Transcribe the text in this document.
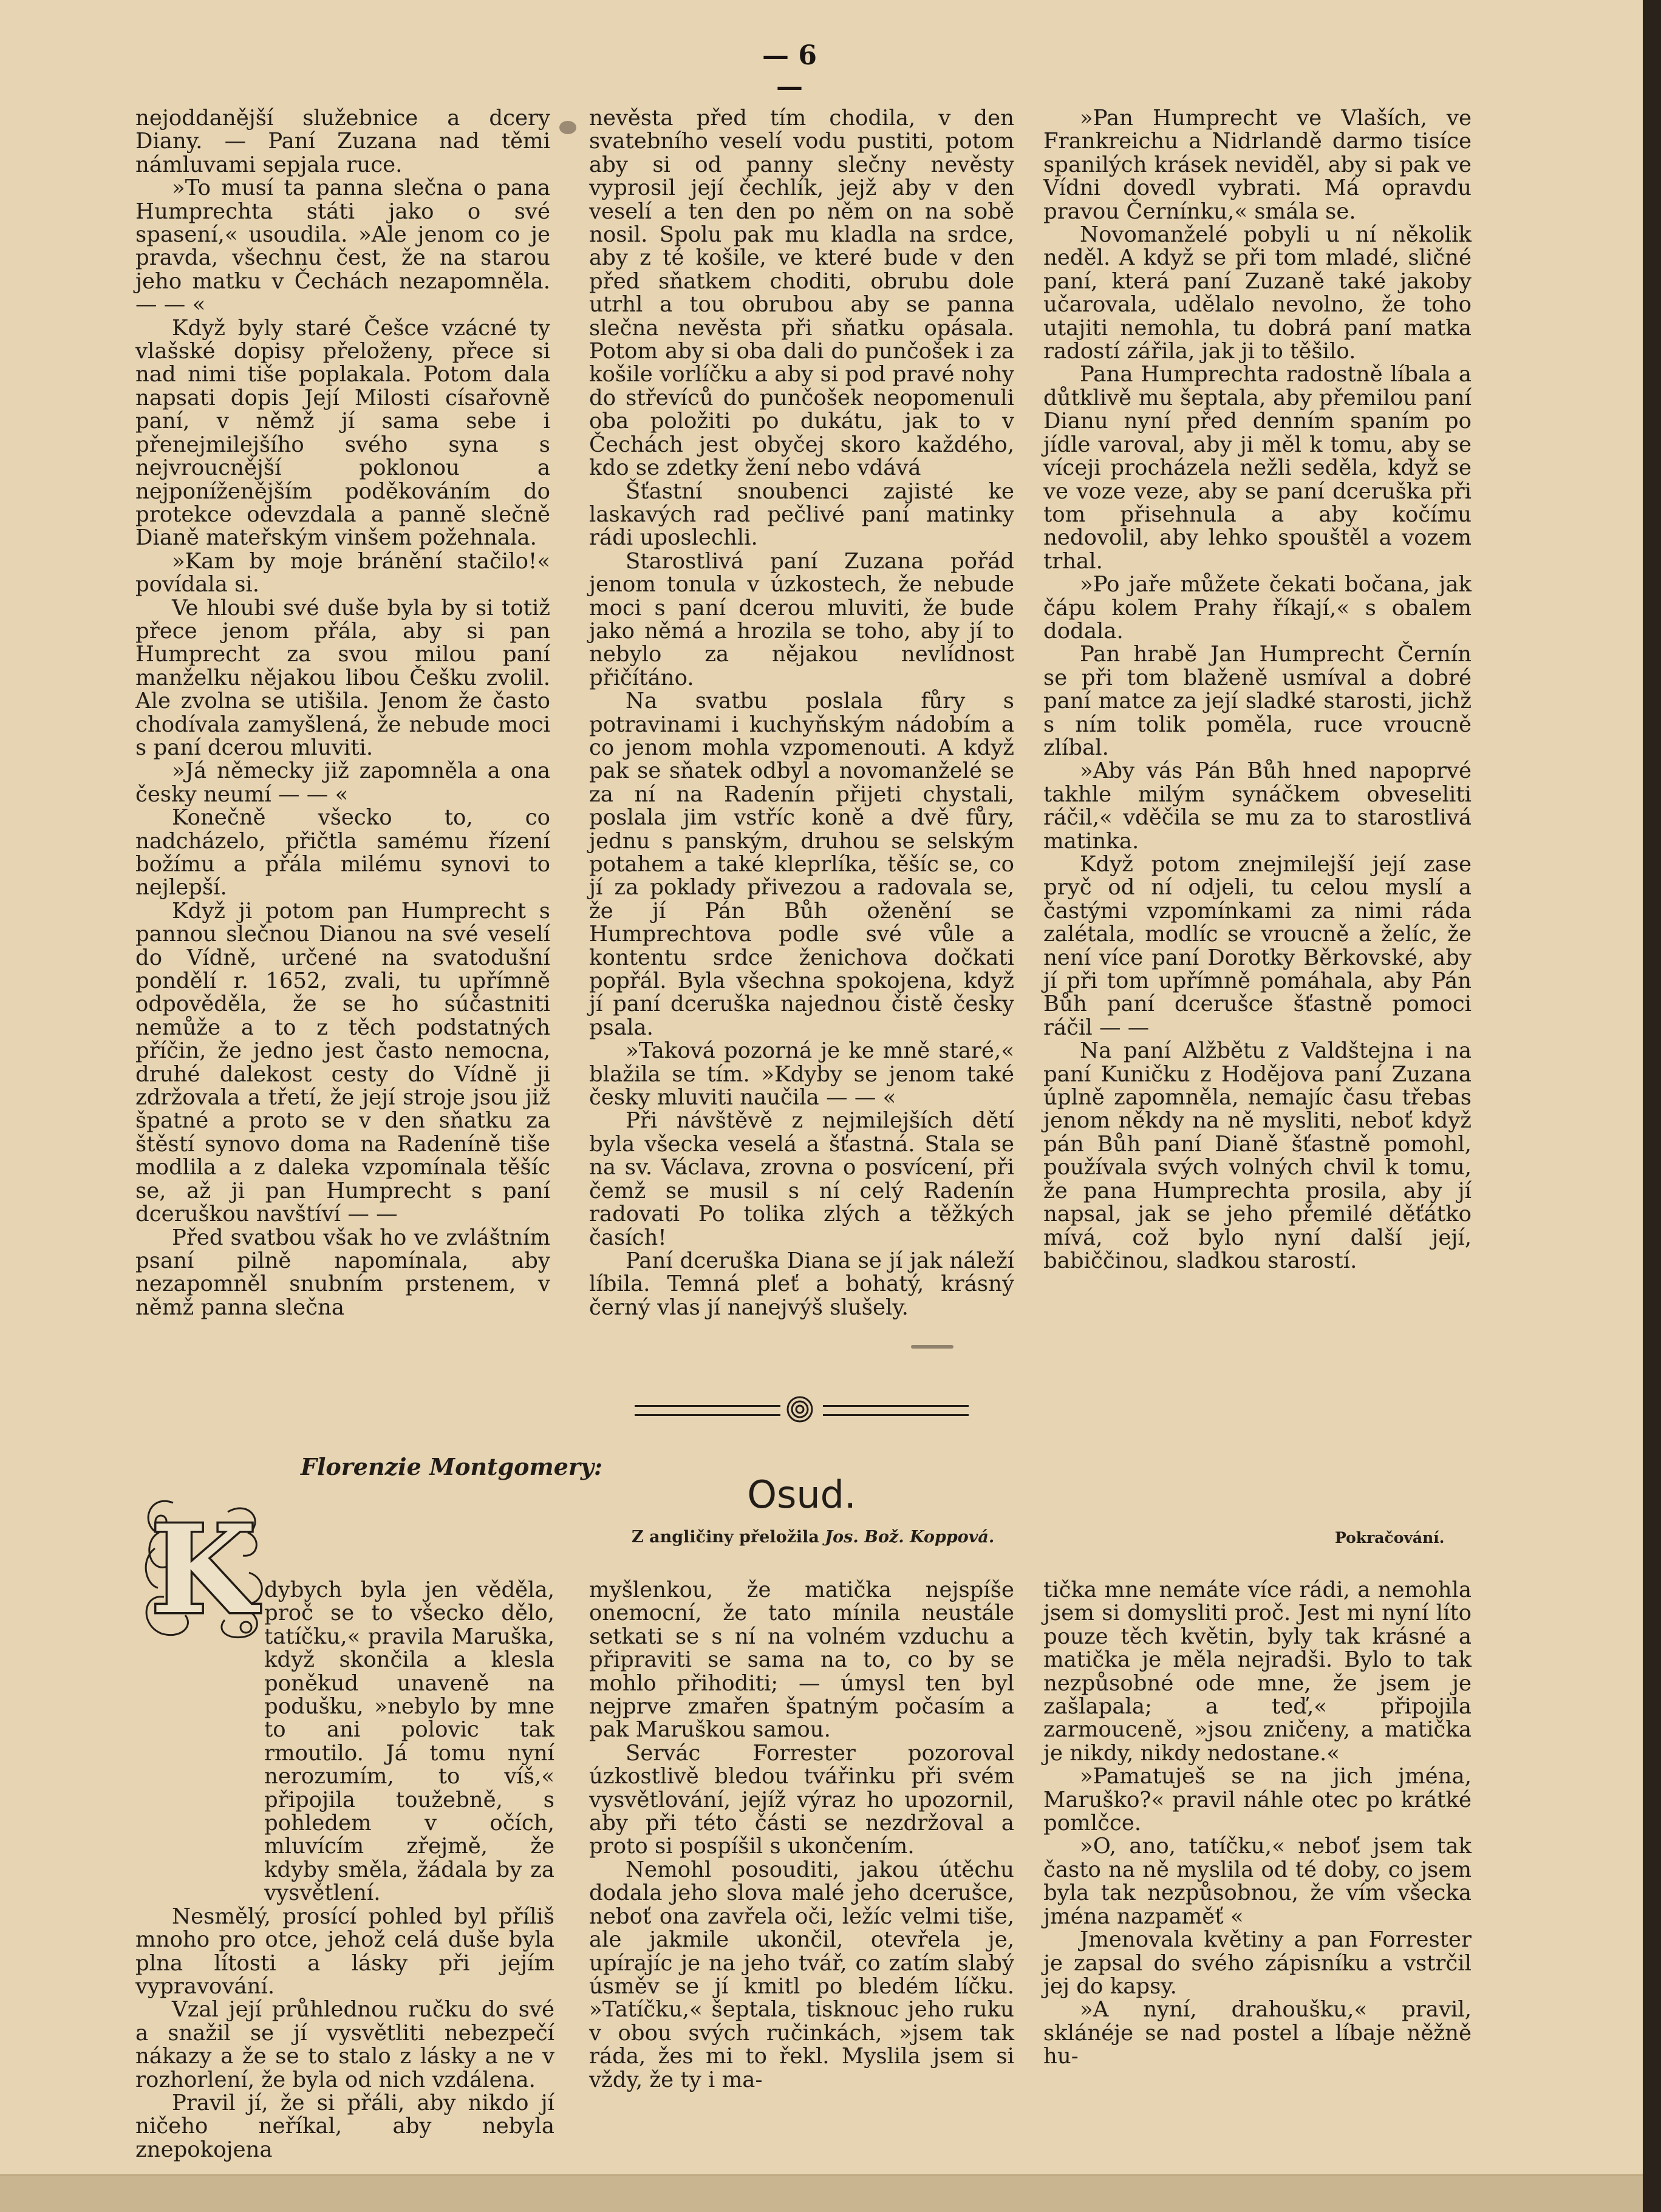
— 6 —

nejoddanější služebnice a dcery Diany. — Paní Zuzana nad těmi námluvami sepjala ruce.

»To musí ta panna slečna o pana Humprechta státi jako o své spasení,« usoudila. »Ale jenom co je pravda, všechnu čest, že na starou jeho matku v Čechách nezapomněla. — — «

Když byly staré Češce vzácné ty vlašské dopisy přeloženy, přece si nad nimi tiše poplakala. Potom dala napsati dopis Její Milosti císařovně paní, v němž jí sama sebe i přenejmilejšího svého syna s nejvroucnější poklonou a nejponíženějším poděkováním do protekce odevzdala a panně slečně Dianě mateřským vinšem požehnala.

»Kam by moje bránění stačilo!« povídala si.

Ve hloubi své duše byla by si totiž přece jenom přála, aby si pan Humprecht za svou milou paní manželku nějakou libou Češku zvolil. Ale zvolna se utišila. Jenom že často chodívala zamyšlená, že nebude moci s paní dcerou mluviti.

»Já německy již zapomněla a ona česky neumí — — «

Konečně všecko to, co nadcházelo, přičtla samému řízení božímu a přála milému synovi to nejlepší.

Když ji potom pan Humprecht s pannou slečnou Dianou na své veselí do Vídně, určené na svatodušní pondělí r. 1652, zvali, tu upřímně odpověděla, že se ho súčastniti nemůže a to z těch podstatných příčin, že jedno jest často nemocna, druhé dalekost cesty do Vídně ji zdržovala a třetí, že její stroje jsou již špatné a proto se v den sňatku za štěstí synovo doma na Radeníně tiše modlila a z daleka vzpomínala těšíc se, až ji pan Humprecht s paní dceruškou navštíví — —

Před svatbou však ho ve zvláštním psaní pilně napomínala, aby nezapomněl snubním prstenem, v němž panna slečna

nevěsta před tím chodila, v den svatebního veselí vodu pustiti, potom aby si od panny slečny nevěsty vyprosil její čechlík, jejž aby v den veselí a ten den po něm on na sobě nosil. Spolu pak mu kladla na srdce, aby z té košile, ve které bude v den před sňatkem choditi, obrubu dole utrhl a tou obrubou aby se panna slečna nevěsta při sňatku opásala. Potom aby si oba dali do punčošek i za košile vorlíčku a aby si pod pravé nohy do střevíců do punčošek neopomenuli oba položiti po dukátu, jak to v Čechách jest obyčej skoro každého, kdo se zdetky žení nebo vdává

Šťastní snoubenci zajisté ke laskavých rad pečlivé paní matinky rádi uposlechli.

Starostlivá paní Zuzana pořád jenom tonula v úzkostech, že nebude moci s paní dcerou mluviti, že bude jako němá a hrozila se toho, aby jí to nebylo za nějakou nevlídnost přičítáno.

Na svatbu poslala fůry s potravinami i kuchyňským nádobím a co jenom mohla vzpomenouti. A když pak se sňatek odbyl a novomanželé se za ní na Radenín přijeti chystali, poslala jim vstříc koně a dvě fůry, jednu s panským, druhou se selským potahem a také kleprlíka, těšíc se, co jí za poklady přivezou a radovala se, že jí Pán Bůh oženění se Humprechtova podle své vůle a kontentu srdce ženichova dočkati popřál. Byla všechna spokojena, když jí paní dceruška najednou čistě česky psala.

»Taková pozorná je ke mně staré,« blažila se tím. »Kdyby se jenom také česky mluviti naučila — — «

Při návštěvě z nejmilejších dětí byla všecka veselá a šťastná. Stala se na sv. Václava, zrovna o posvícení, při čemž se musil s ní celý Radenín radovati Po tolika zlých a těžkých časích!

Paní dceruška Diana se jí jak náleží líbila. Temná pleť a bohatý, krásný černý vlas jí nanejvýš slušely.

»Pan Humprecht ve Vlaších, ve Frankreichu a Nidrlandě darmo tisíce spanilých krásek neviděl, aby si pak ve Vídni dovedl vybrati. Má opravdu pravou Černínku,« smála se.

Novomanželé pobyli u ní několik neděl. A když se při tom mladé, sličné paní, která paní Zuzaně také jakoby učarovala, udělalo nevolno, že toho utajiti nemohla, tu dobrá paní matka radostí zářila, jak ji to těšilo.

Pana Humprechta radostně líbala a důtklivě mu šeptala, aby přemilou paní Dianu nyní před denním spaním po jídle varoval, aby ji měl k tomu, aby se víceji procházela nežli seděla, když se ve voze veze, aby se paní dceruška při tom přisehnula a aby kočímu nedovolil, aby lehko spouštěl a vozem trhal.

»Po jaře můžete čekati bočana, jak čápu kolem Prahy říkají,« s obalem dodala.

Pan hrabě Jan Humprecht Černín se při tom blaženě usmíval a dobré paní matce za její sladké starosti, jichž s ním tolik poměla, ruce vroucně zlíbal.

»Aby vás Pán Bůh hned napoprvé takhle milým synáčkem obveseliti ráčil,« vděčila se mu za to starostlivá matinka.

Když potom znejmilejší její zase pryč od ní odjeli, tu celou myslí a častými vzpomínkami za nimi ráda zalétala, modlíc se vroucně a želíc, že není více paní Dorotky Běrkovské, aby jí při tom upřímně pomáhala, aby Pán Bůh paní dcerušce šťastně pomoci ráčil — —

Na paní Alžbětu z Valdštejna i na paní Kuničku z Hodějova paní Zuzana úplně zapomněla, nemajíc času třebas jenom někdy na ně mysliti, neboť když pán Bůh paní Dianě šťastně pomohl, používala svých volných chvil k tomu, že pana Humprechta prosila, aby jí napsal, jak se jeho přemilé děťátko mívá, což bylo nyní další její, babiččinou, sladkou starostí.

Florenzie Montgomery:
Osud.
Z angličiny přeložila Jos. Bož. Koppová.	Pokračování.
K dybych byla jen věděla, proč se to všecko dělo, tatíčku,« pravila Maruška, když skončila a klesla poněkud unaveně na podušku, »nebylo by mne to ani polovic tak rmoutilo. Já tomu nyní nerozumím, to víš,« připojila toužebně, s pohledem v očích, mluvícím zřejmě, že kdyby směla, žádala by za vysvětlení.

Nesmělý, prosící pohled byl příliš mnoho pro otce, jehož celá duše byla plna lítosti a lásky při jejím vypravování.

Vzal její průhlednou ručku do své a snažil se jí vysvětliti nebezpečí nákazy a že se to stalo z lásky a ne v rozhorlení, že byla od nich vzdálena.

Pravil jí, že si přáli, aby nikdo jí ničeho neříkal, aby nebyla znepokojena

myšlenkou, že matička nejspíše onemocní, že tato mínila neustále setkati se s ní na volném vzduchu a připraviti se sama na to, co by se mohlo přihoditi; — úmysl ten byl nejprve zmařen špatným počasím a pak Maruškou samou.

Servác Forrester pozoroval úzkostlivě bledou tvářinku při svém vysvětlování, jejíž výraz ho upozornil, aby při této části se nezdržoval a proto si pospíšil s ukončením.

Nemohl posouditi, jakou útěchu dodala jeho slova malé jeho dcerušce, neboť ona zavřela oči, ležíc velmi tiše, ale jakmile ukončil, otevřela je, upírajíc je na jeho tvář, co zatím slabý úsměv se jí kmitl po bledém líčku. »Tatíčku,« šeptala, tisknouc jeho ruku v obou svých ručinkách, »jsem tak ráda, žes mi to řekl. Myslila jsem si vždy, že ty i ma-

tička mne nemáte více rádi, a nemohla jsem si domysliti proč. Jest mi nyní líto pouze těch květin, byly tak krásné a matička je měla nejradši. Bylo to tak nezpůsobné ode mne, že jsem je zašlapala; a teď,« připojila zarmouceně, »jsou zničeny, a matička je nikdy, nikdy nedostane.«

»Pamatuješ se na jich jména, Maruško?« pravil náhle otec po krátké pomlčce.

»O, ano, tatíčku,« neboť jsem tak často na ně myslila od té doby, co jsem byla tak nezpůsobnou, že vím všecka jména nazpaměť «

Jmenovala květiny a pan Forrester je zapsal do svého zápisníku a vstrčil jej do kapsy.

»A nyní, drahoušku,« pravil, sklánéje se nad postel a líbaje něžně hu-
